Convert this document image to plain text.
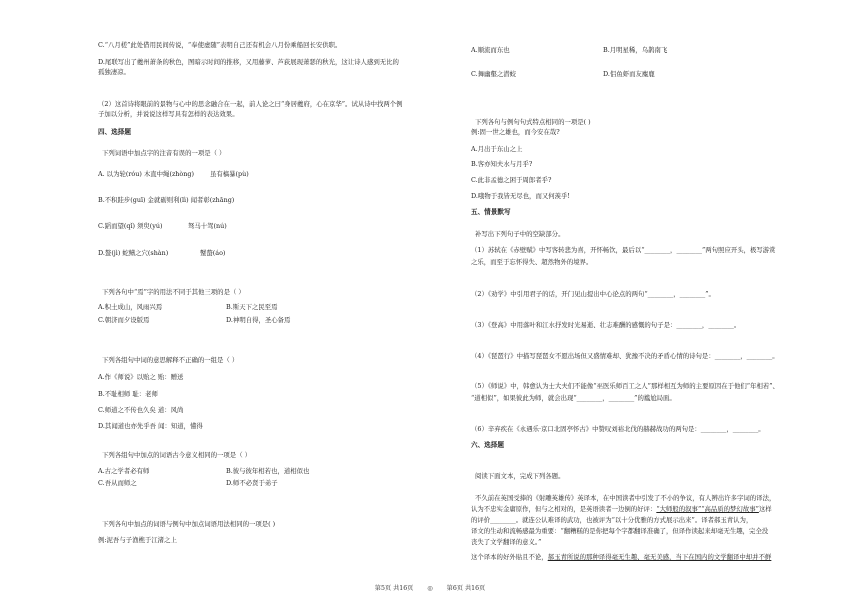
C.“八月槎”此处借用民间传说，“奉使虚随”表明自己还有机会八月份乘船回长安供职。
D.尾联写出了夔州萧条的秋色，图暗示时间的推移，又用藤萝、芦荻展现萧瑟的秋光，这让诗人感到无比的
孤独凄凉。
（2）这首诗将眼前的景物与心中的思念融合在一起，前人论之曰“身居夔府，心在京华”。试从诗中找两个例
子加以分析，并说说这样写具有怎样的表达效果。
四、选择题
下列词语中加点字的注音有误的一项是（ ）
A. 以为轮(róu) 木直中绳(zhòng)	虽有槁暴(pù)
B.不积跬步(guī) 金就砺则利(lì) 闻者彰(zhāng)
C.蹈而望(qǐ) 须臾(yú)	驽马十驾(nú)
D.螯(jì) 蛇鳝之穴(shàn)	蟹螯(áo)
下列各句中“焉”字的用法不同于其他三项的是（ ）
A.积土成山，风雨兴焉	B.斯天下之民至焉
C.朝济而夕设版焉	D.神明自得，圣心备焉
下列各组句中词的意思解释不正确的一组是（ ）
A.作《师说》以贻之 贻：赠送
B.不耻相师 耻：老师
C.师道之不传也久矣 道：风尚
D.其闻道也亦先乎吾 闻：知道，懂得
下列各组句中加点的词语古今意义相同的一项是（ ）
A.古之学者必有师	B.彼与彼年相若也，道相似也
C.吾从而师之	D.师不必贤于弟子
下列各句中加点的词语与例句中加点词语用法相同的一项是( )
例:泥吾与子渔樵于江渚之上
A.顺流而东也	B.月明星稀，乌鹊南飞
C.舞幽壑之潜蛟	D.侣鱼虾而友麋鹿
下列各句与例句句式特点相同的一项是( )
例:固一世之雄也，而今安在哉?
A.月出于东山之上
B.客亦知夫水与月乎?
C.此非孟德之困于周郎者乎?
D.哦物于我皆无尽也，而又何羡乎!
五、情景默写
补写出下列句子中的空缺部分。
（1）苏轼在《赤壁赋》中写客转悲为喜，开怀畅饮，最后以“________，________”两句照应开头，极写游赏
之乐，而至于忘怀得失、超然物外的境界。
（2）《劝学》中引用君子的话，开门见山提出中心论点的两句“________，________”。
（3）《登高》中用落叶和江水抒发时光易逝、壮志难酬的感慨的句子是：________，________。
（4）《琵琶行》中描写琵琶女不愿出场但又盛情难却、犹豫不决的矛盾心情的诗句是：________，________。
（5）《师说》中，韩愈认为士大夫们不能像“巫医乐师百工之人”那样相互为师的主要原因在于他们“年相若”、
“道相似”，如果彼此为师，就会出现“________，________”的尴尬局面。
（6）辛弃疾在《永遇乐·京口北固亭怀古》中赞叹刘裕北伐的赫赫战功的两句是：________，________。
六、选择题
阅读下面文本，完成下列各题。
不久前在英国受捧的《射雕英雄传》英译本，在中国读者中引发了不小的争议，有人辨出许多字词的译法，
认为不忠实金庸原作，但与之相对的，是英语读者一边倒的好评：“大师般的叙事”“高品质的梦幻故事”这样
的评价________。就连公认难译的武功，也被评为“以十分优雅的方式展示出来”。译者郝玉青认为，
译文的生动和流畅感最为重要：“翻糟糕的是你把每个字都翻译准确了，但译作读起来却毫无生趣，完全没
丧失了文学翻译的意义。”
这个译本的好外貼且不论，郝玉青所说的那种译得毫无生趣、毫无美感，当下在国内的文学翻译中却并不鲜
第5页 共16页 ◎ 第6页 共16页
